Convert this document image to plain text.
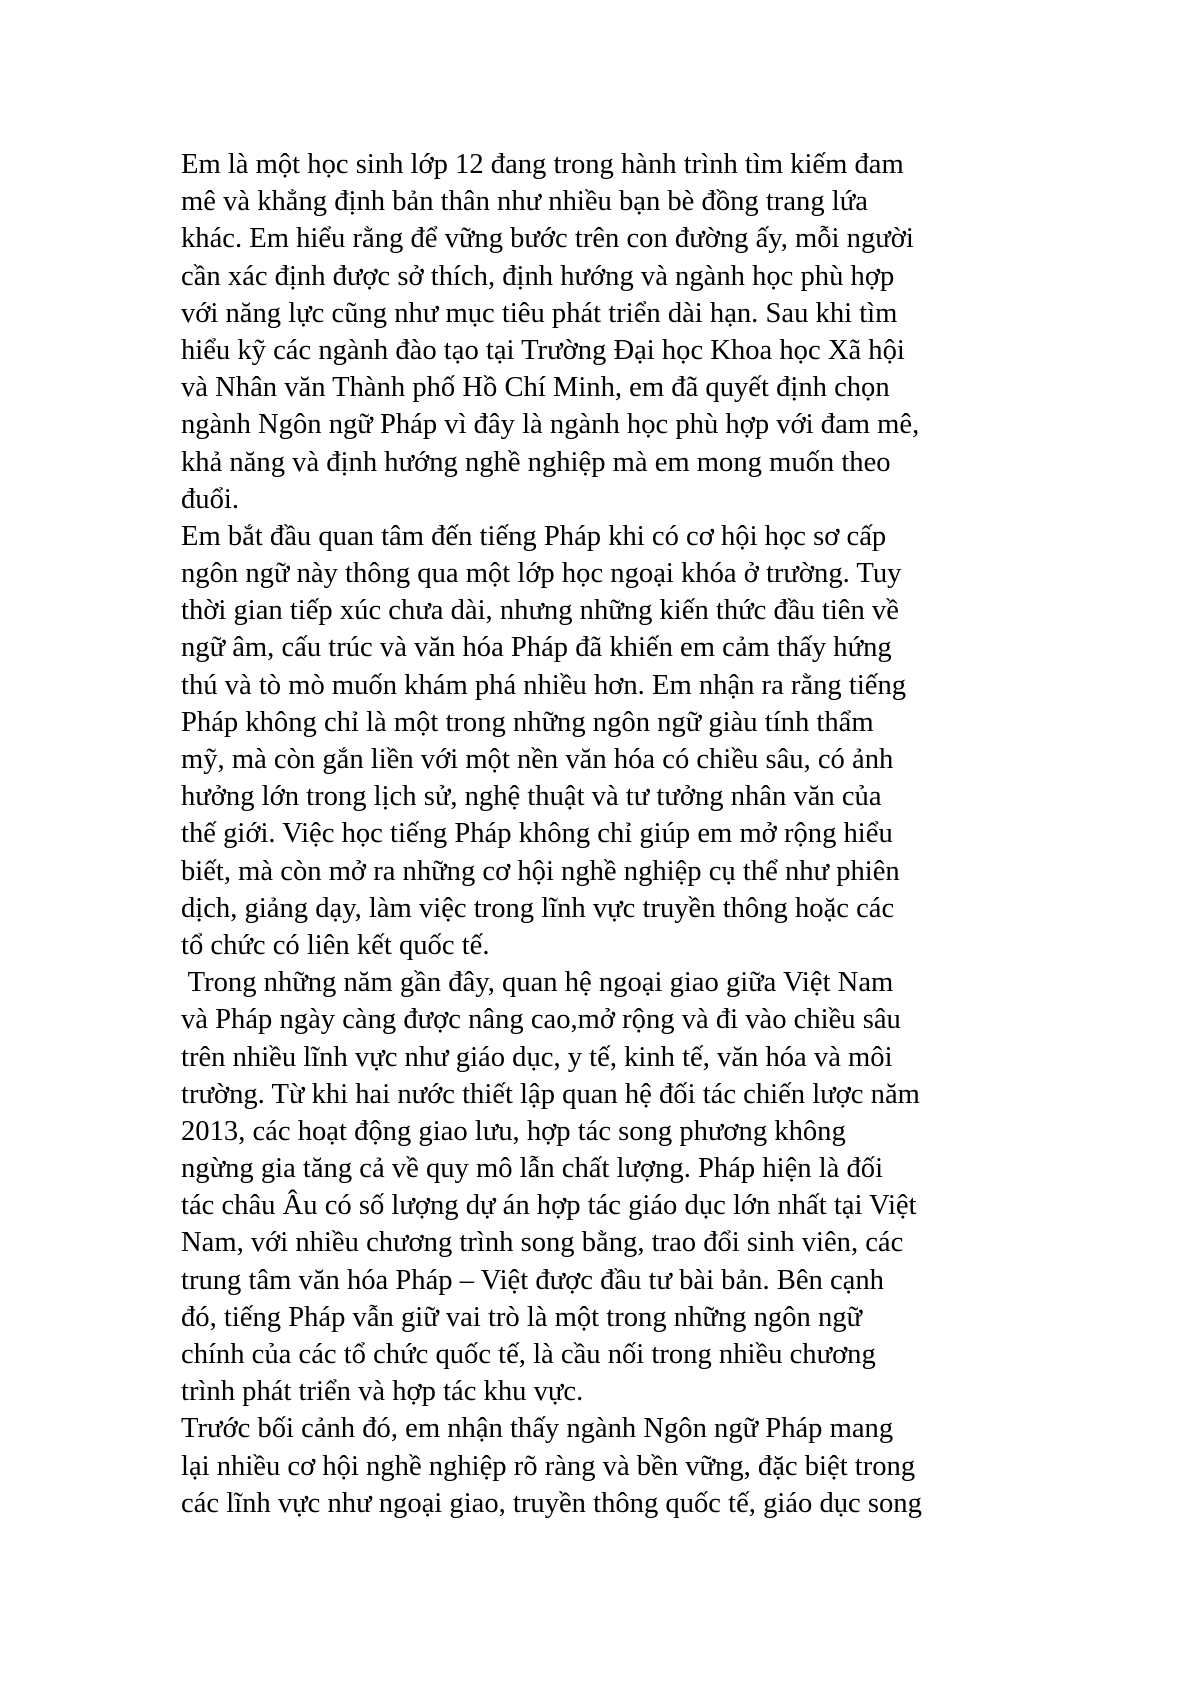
Em là một học sinh lớp 12 đang trong hành trình tìm kiếm đam
mê và khẳng định bản thân như nhiều bạn bè đồng trang lứa
khác. Em hiểu rằng để vững bước trên con đường ấy, mỗi người
cần xác định được sở thích, định hướng và ngành học phù hợp
với năng lực cũng như mục tiêu phát triển dài hạn. Sau khi tìm
hiểu kỹ các ngành đào tạo tại Trường Đại học Khoa học Xã hội
và Nhân văn Thành phố Hồ Chí Minh, em đã quyết định chọn
ngành Ngôn ngữ Pháp vì đây là ngành học phù hợp với đam mê,
khả năng và định hướng nghề nghiệp mà em mong muốn theo
đuổi.

Em bắt đầu quan tâm đến tiếng Pháp khi có cơ hội học sơ cấp
ngôn ngữ này thông qua một lớp học ngoại khóa ở trường. Tuy
thời gian tiếp xúc chưa dài, nhưng những kiến thức đầu tiên về
ngữ âm, cấu trúc và văn hóa Pháp đã khiến em cảm thấy hứng
thú và tò mò muốn khám phá nhiều hơn. Em nhận ra rằng tiếng
Pháp không chỉ là một trong những ngôn ngữ giàu tính thẩm
mỹ, mà còn gắn liền với một nền văn hóa có chiều sâu, có ảnh
hưởng lớn trong lịch sử, nghệ thuật và tư tưởng nhân văn của
thế giới. Việc học tiếng Pháp không chỉ giúp em mở rộng hiểu
biết, mà còn mở ra những cơ hội nghề nghiệp cụ thể như phiên
dịch, giảng dạy, làm việc trong lĩnh vực truyền thông hoặc các
tổ chức có liên kết quốc tế.

Trong những năm gần đây, quan hệ ngoại giao giữa Việt Nam
và Pháp ngày càng được nâng cao,mở rộng và đi vào chiều sâu
trên nhiều lĩnh vực như giáo dục, y tế, kinh tế, văn hóa và môi
trường. Từ khi hai nước thiết lập quan hệ đối tác chiến lược năm
2013, các hoạt động giao lưu, hợp tác song phương không
ngừng gia tăng cả về quy mô lẫn chất lượng. Pháp hiện là đối
tác châu Âu có số lượng dự án hợp tác giáo dục lớn nhất tại Việt
Nam, với nhiều chương trình song bằng, trao đổi sinh viên, các
trung tâm văn hóa Pháp – Việt được đầu tư bài bản. Bên cạnh
đó, tiếng Pháp vẫn giữ vai trò là một trong những ngôn ngữ
chính của các tổ chức quốc tế, là cầu nối trong nhiều chương
trình phát triển và hợp tác khu vực.

Trước bối cảnh đó, em nhận thấy ngành Ngôn ngữ Pháp mang
lại nhiều cơ hội nghề nghiệp rõ ràng và bền vững, đặc biệt trong
các lĩnh vực như ngoại giao, truyền thông quốc tế, giáo dục song
